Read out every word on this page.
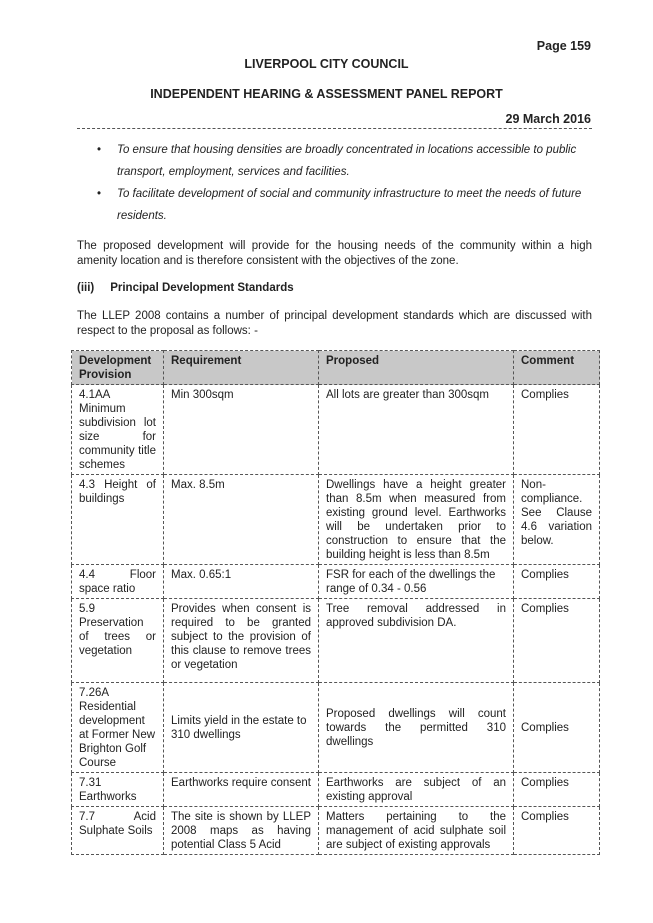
Page 159
LIVERPOOL CITY COUNCIL
INDEPENDENT HEARING & ASSESSMENT PANEL REPORT
29 March 2016
• To ensure that housing densities are broadly concentrated in locations accessible to public transport, employment, services and facilities.
• To facilitate development of social and community infrastructure to meet the needs of future residents.
The proposed development will provide for the housing needs of the community within a high amenity location and is therefore consistent with the objectives of the zone.
(iii) Principal Development Standards
The LLEP 2008 contains a number of principal development standards which are discussed with respect to the proposal as follows: -
Development Provision	Requirement	Proposed	Comment
4.1AA Minimum subdivision lot size for community title schemes	Min 300sqm	All lots are greater than 300sqm	Complies
4.3 Height of buildings	Max. 8.5m	Dwellings have a height greater than 8.5m when measured from existing ground level. Earthworks will be undertaken prior to construction to ensure that the building height is less than 8.5m	Non-compliance. See Clause 4.6 variation below.
4.4 Floor space ratio	Max. 0.65:1	FSR for each of the dwellings the range of 0.34 - 0.56	Complies
5.9 Preservation of trees or vegetation	Provides when consent is required to be granted subject to the provision of this clause to remove trees or vegetation	Tree removal addressed in approved subdivision DA.	Complies
7.26A Residential development at Former New Brighton Golf Course	Limits yield in the estate to 310 dwellings	Proposed dwellings will count towards the permitted 310 dwellings	Complies
7.31 Earthworks	Earthworks require consent	Earthworks are subject of an existing approval	Complies
7.7 Acid Sulphate Soils	The site is shown by LLEP 2008 maps as having potential Class 5 Acid	Matters pertaining to the management of acid sulphate soil are subject of existing approvals	Complies
